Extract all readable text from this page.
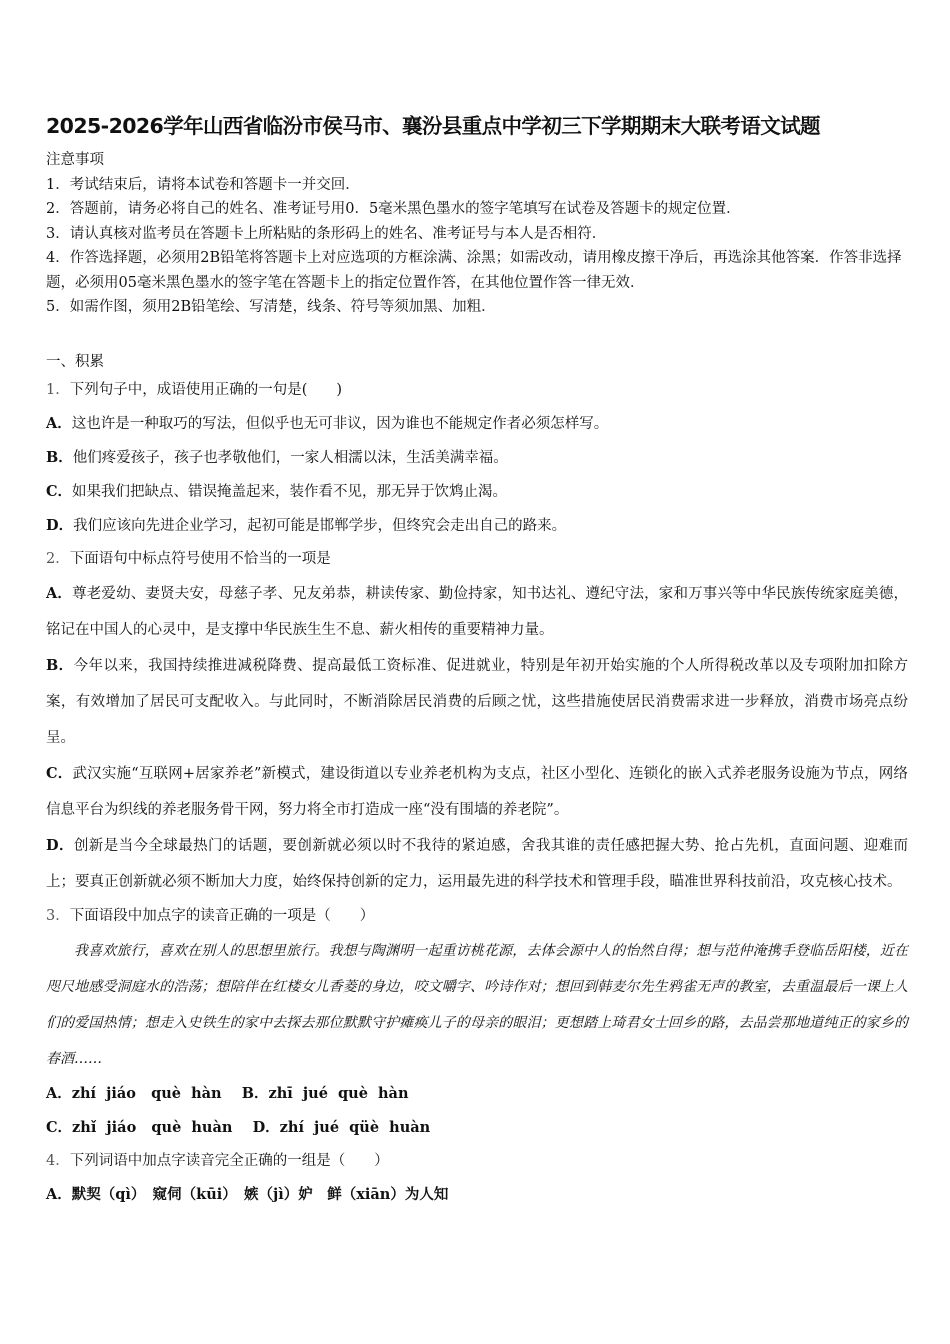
2025-2026学年山西省临汾市侯马市、襄汾县重点中学初三下学期期末大联考语文试题

注意事项

1．考试结束后，请将本试卷和答题卡一并交回．

2．答题前，请务必将自己的姓名、准考证号用0．5毫米黑色墨水的签字笔填写在试卷及答题卡的规定位置．

3．请认真核对监考员在答题卡上所粘贴的条形码上的姓名、准考证号与本人是否相符．

4．作答选择题，必须用2B铅笔将答题卡上对应选项的方框涂满、涂黑；如需改动，请用橡皮擦干净后，再选涂其他答案．作答非选择题，必须用05毫米黑色墨水的签字笔在答题卡上的指定位置作答，在其他位置作答一律无效．

5．如需作图，须用2B铅笔绘、写清楚，线条、符号等须加黑、加粗．

一、积累

1．下列句子中，成语使用正确的一句是(　　)

A．这也许是一种取巧的写法，但似乎也无可非议，因为谁也不能规定作者必须怎样写。

B．他们疼爱孩子，孩子也孝敬他们，一家人相濡以沫，生活美满幸福。

C．如果我们把缺点、错误掩盖起来，装作看不见，那无异于饮鸩止渴。

D．我们应该向先进企业学习，起初可能是邯郸学步，但终究会走出自己的路来。

2．下面语句中标点符号使用不恰当的一项是

A．尊老爱幼、妻贤夫安，母慈子孝、兄友弟恭，耕读传家、勤俭持家，知书达礼、遵纪守法，家和万事兴等中华民族传统家庭美德，铭记在中国人的心灵中，是支撑中华民族生生不息、薪火相传的重要精神力量。

B．今年以来，我国持续推进减税降费、提高最低工资标准、促进就业，特别是年初开始实施的个人所得税改革以及专项附加扣除方案，有效增加了居民可支配收入。与此同时，不断消除居民消费的后顾之忧，这些措施使居民消费需求进一步释放，消费市场亮点纷呈。

C．武汉实施“互联网+居家养老”新模式，建设街道以专业养老机构为支点，社区小型化、连锁化的嵌入式养老服务设施为节点，网络信息平台为织线的养老服务骨干网，努力将全市打造成一座“没有围墙的养老院”。

D．创新是当今全球最热门的话题，要创新就必须以时不我待的紧迫感，舍我其谁的责任感把握大势、抢占先机，直面问题、迎难而上；要真正创新就必须不断加大力度，始终保持创新的定力，运用最先进的科学技术和管理手段，瞄准世界科技前沿，攻克核心技术。

3．下面语段中加点字的读音正确的一项是（　　）

我喜欢旅行，喜欢在别人的思想里旅行。我想与陶渊明一起重访桃花源，去体会源中人的怡然自得；想与范仲淹携手登临岳阳楼，近在咫尺地感受洞庭水的浩荡；想陪伴在红楼女儿香菱的身边，咬文嚼字、吟诗作对；想回到韩麦尔先生鸦雀无声的教室，去重温最后一课上人们的爱国热情；想走入史铁生的家中去探去那位默默守护瘫痪儿子的母亲的眼泪；更想踏上琦君女士回乡的路，去品尝那地道纯正的家乡的春酒……

A．zhí  jiáo   què  hàn    B．zhī  jué  què  hàn

C．zhǐ  jiáo   què  huàn    D．zhí  jué  qüè  huàn

4．下列词语中加点字读音完全正确的一组是（　　）

A．默契（qì）　窥伺（kūi）　嫉（jì）妒　鲜（xiān）为人知
